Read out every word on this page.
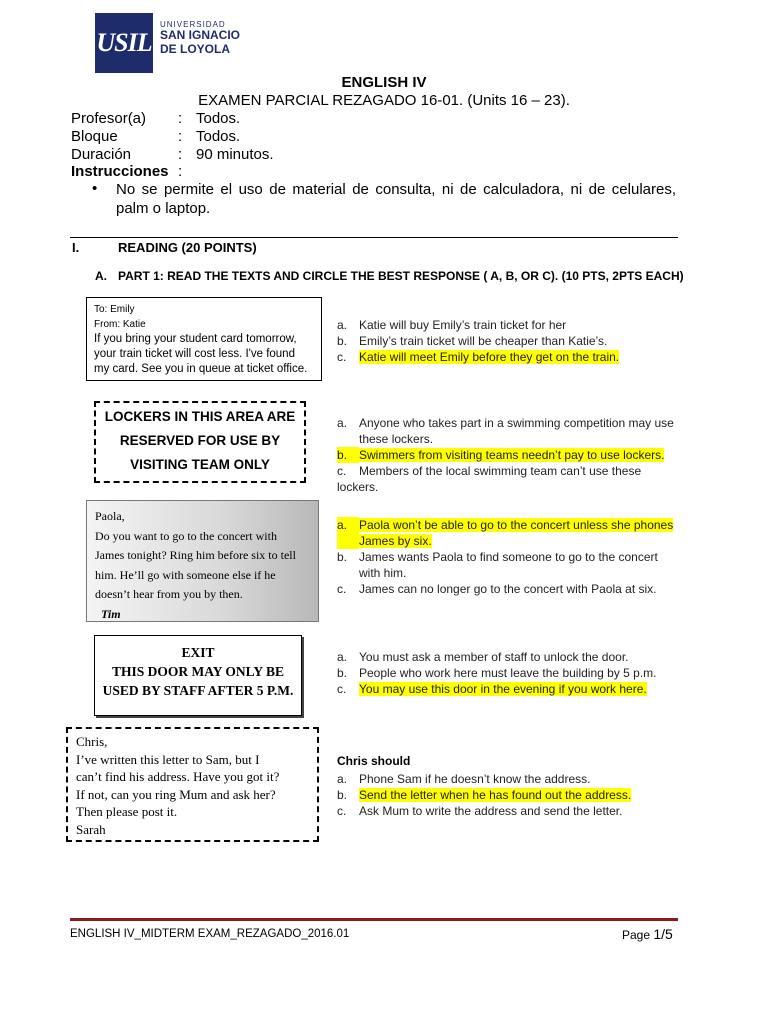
USIL
UNIVERSIDAD
SAN IGNACIO
DE LOYOLA
ENGLISH IV
EXAMEN PARCIAL REZAGADO 16-01. (Units 16 – 23).
Profesor(a) : Todos.
Bloque	: Todos.
Duración	: 90 minutos.
Instrucciones :
• No se permite el uso de material de consulta, ni de calculadora, ni de celulares, palm o laptop.
I.	READING (20 POINTS)
A. PART 1: READ THE TEXTS AND CIRCLE THE BEST RESPONSE ( A, B, OR C). (10 PTS, 2PTS EACH)
To: Emily
From: Katie
If you bring your student card tomorrow,
your train ticket will cost less. I've found
my card. See you in queue at ticket office.
a. Katie will buy Emily’s train ticket for her
b. Emily’s train ticket will be cheaper than Katie’s.
c. Katie will meet Emily before they get on the train.
LOCKERS IN THIS AREA ARE
RESERVED FOR USE BY
VISITING TEAM ONLY
a. Anyone who takes part in a swimming competition may use these lockers.
b. Swimmers from visiting teams needn’t pay to use lockers.
c. Members of the local swimming team can’t use these lockers.
Paola,
Do you want to go to the concert with
James tonight? Ring him before six to tell
him. He’ll go with someone else if he
doesn’t hear from you by then.
Tim
a. Paola won’t be able to go to the concert unless she phones James by six.
b. James wants Paola to find someone to go to the concert with him.
c. James can no longer go to the concert with Paola at six.
EXIT
THIS DOOR MAY ONLY BE
USED BY STAFF AFTER 5 P.M.
a. You must ask a member of staff to unlock the door.
b. People who work here must leave the building by 5 p.m.
c. You may use this door in the evening if you work here.
Chris,
I’ve written this letter to Sam, but I
can’t find his address. Have you got it?
If not, can you ring Mum and ask her?
Then please post it.
Sarah
Chris should
a. Phone Sam if he doesn’t know the address.
b. Send the letter when he has found out the address.
c. Ask Mum to write the address and send the letter.
ENGLISH IV_MIDTERM EXAM_REZAGADO_2016.01	Page 1/5
